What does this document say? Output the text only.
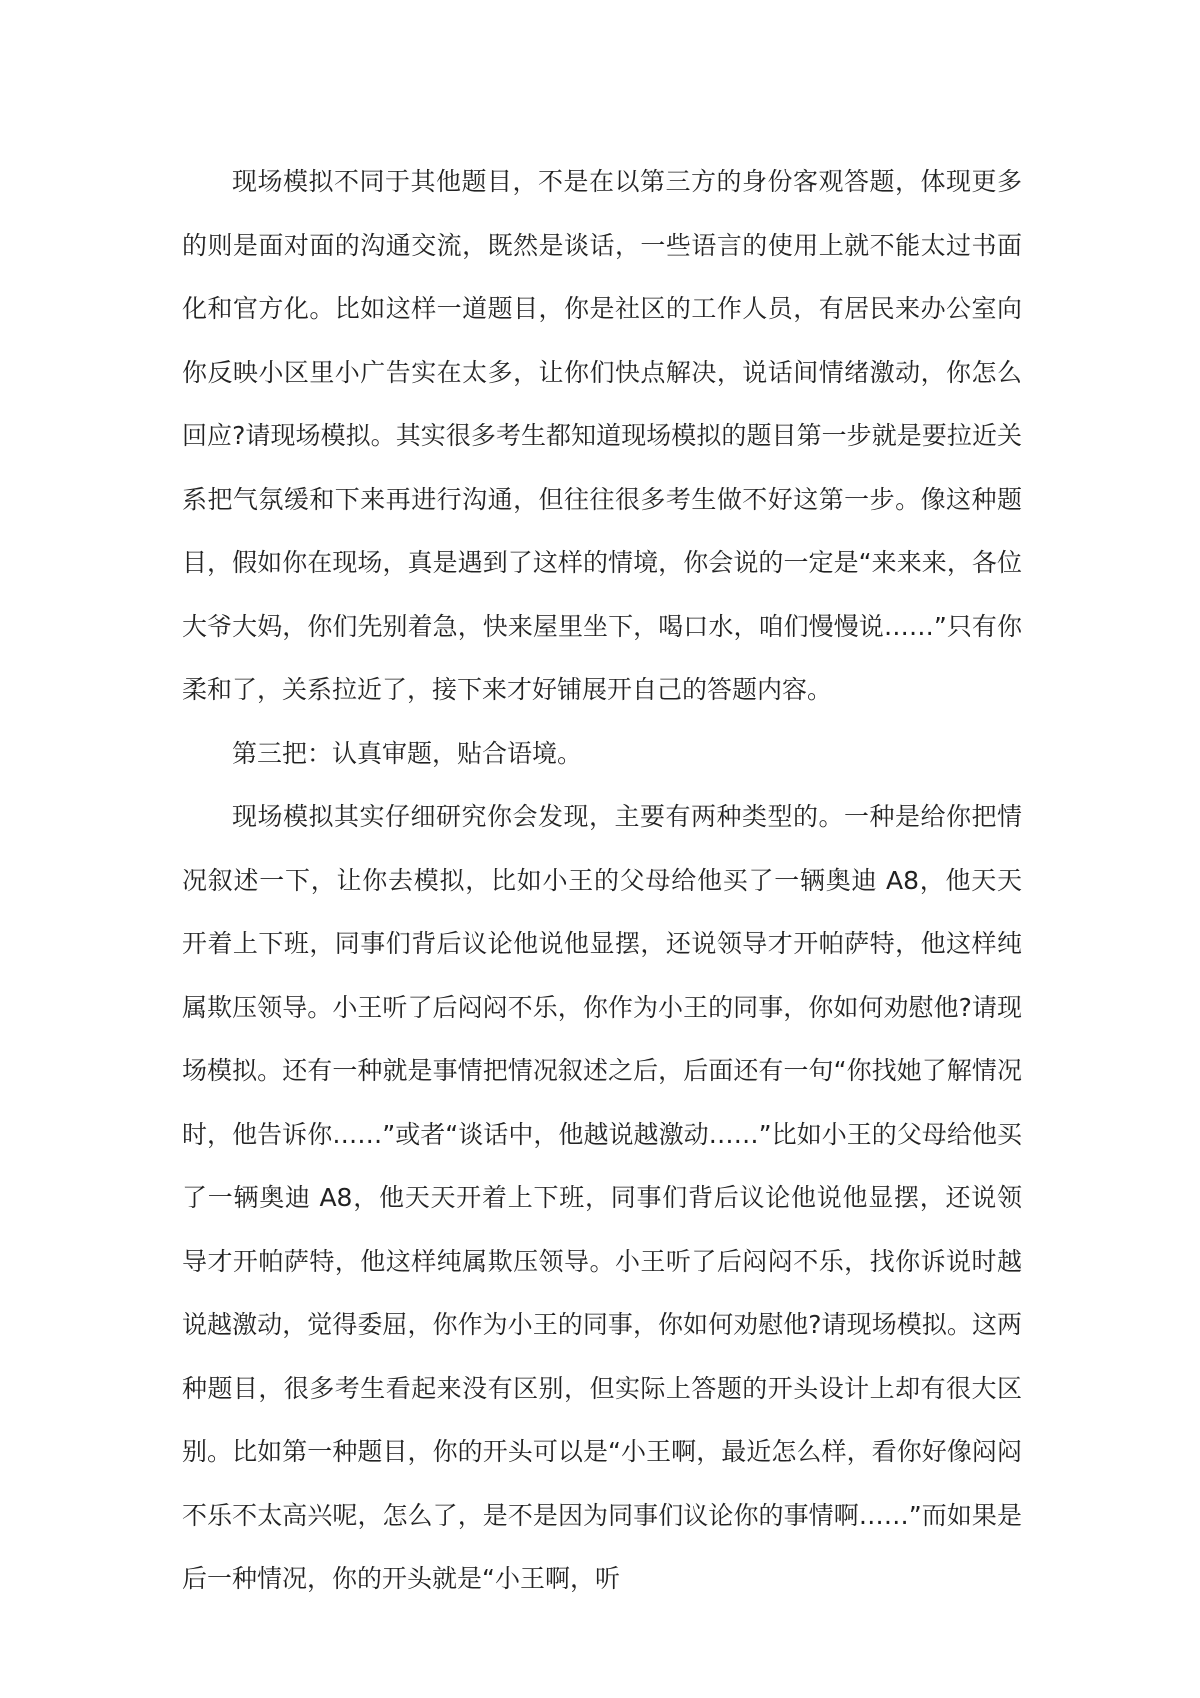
现场模拟不同于其他题目，不是在以第三方的身份客观答题，体现更多的则是面对面的沟通交流，既然是谈话，一些语言的使用上就不能太过书面化和官方化。比如这样一道题目，你是社区的工作人员，有居民来办公室向你反映小区里小广告实在太多，让你们快点解决，说话间情绪激动，你怎么回应?请现场模拟。其实很多考生都知道现场模拟的题目第一步就是要拉近关系把气氛缓和下来再进行沟通，但往往很多考生做不好这第一步。像这种题目，假如你在现场，真是遇到了这样的情境，你会说的一定是“来来来，各位大爷大妈，你们先别着急，快来屋里坐下，喝口水，咱们慢慢说……”只有你柔和了，关系拉近了，接下来才好铺展开自己的答题内容。

第三把：认真审题，贴合语境。

现场模拟其实仔细研究你会发现，主要有两种类型的。一种是给你把情况叙述一下，让你去模拟，比如小王的父母给他买了一辆奥迪 A8，他天天开着上下班，同事们背后议论他说他显摆，还说领导才开帕萨特，他这样纯属欺压领导。小王听了后闷闷不乐，你作为小王的同事，你如何劝慰他?请现场模拟。还有一种就是事情把情况叙述之后，后面还有一句“你找她了解情况时，他告诉你……”或者“谈话中，他越说越激动……”比如小王的父母给他买了一辆奥迪 A8，他天天开着上下班，同事们背后议论他说他显摆，还说领导才开帕萨特，他这样纯属欺压领导。小王听了后闷闷不乐，找你诉说时越说越激动，觉得委屈，你作为小王的同事，你如何劝慰他?请现场模拟。这两种题目，很多考生看起来没有区别，但实际上答题的开头设计上却有很大区别。比如第一种题目，你的开头可以是“小王啊，最近怎么样，看你好像闷闷不乐不太高兴呢，怎么了，是不是因为同事们议论你的事情啊……”而如果是后一种情况，你的开头就是“小王啊，听
